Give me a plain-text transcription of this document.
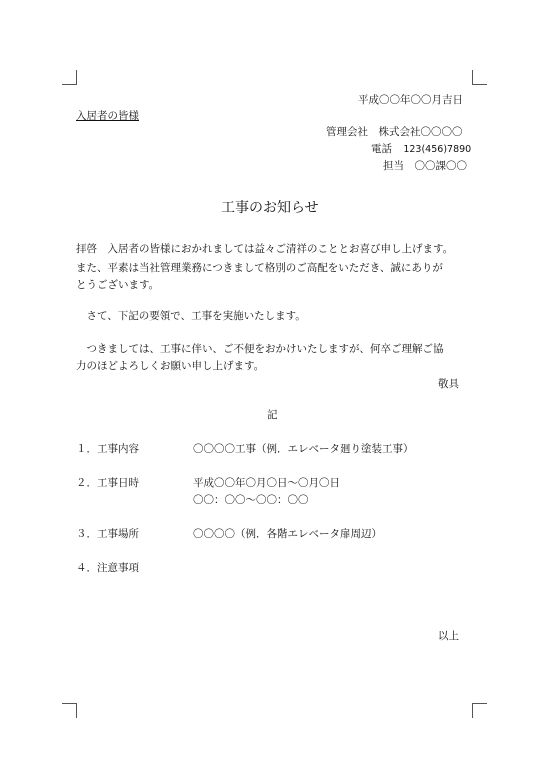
平成〇〇年〇〇月吉日
入居者の皆様
管理会社　株式会社〇〇〇〇
電話 123(456)7890
担当　〇〇課〇〇
工事のお知らせ
拝啓　入居者の皆様におかれましては益々ご清祥のこととお喜び申し上げます。
また、平素は当社管理業務につきまして格別のご高配をいただき、誠にありが
とうございます。
　さて、下記の要領で、工事を実施いたします。
　つきましては、工事に伴い、ご不便をおかけいたしますが、何卒ご理解ご協
力のほどよろしくお願い申し上げます。
敬具
記
１．工事内容	〇〇〇〇工事（例．エレベータ廻り塗装工事）
２．工事日時	平成〇〇年〇月〇日～〇月〇日
〇〇：〇〇～〇〇：〇〇
３．工事場所	〇〇〇〇（例．各階エレベータ扉周辺）
４．注意事項
以上
